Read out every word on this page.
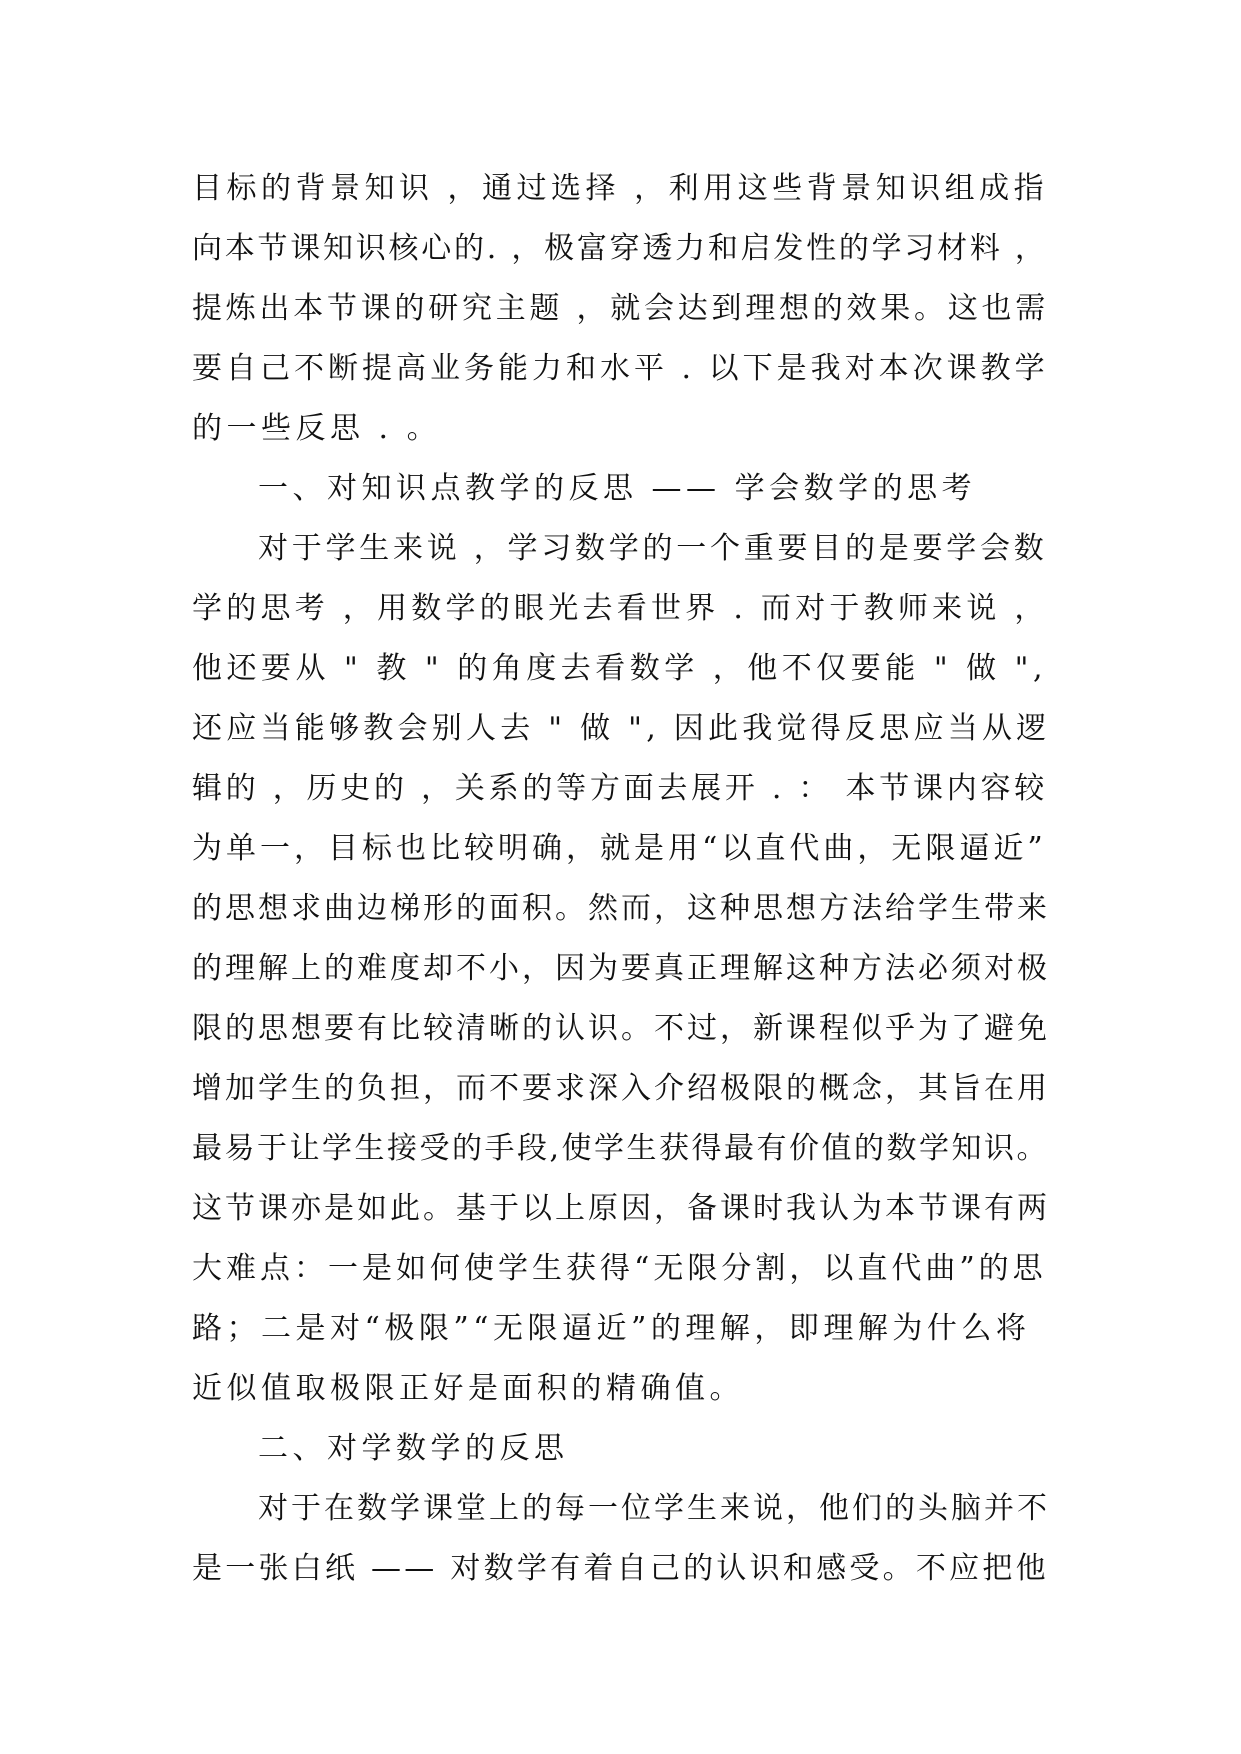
目标的背景知识 ，通过选择 ，利用这些背景知识组成指
向本节课知识核心的. ，极富穿透力和启发性的学习材料 ，
提炼出本节课的研究主题 ，就会达到理想的效果。这也需
要自己不断提高业务能力和水平 . 以下是我对本次课教学
的一些反思 . 。
一、对知识点教学的反思 —— 学会数学的思考
对于学生来说 ，学习数学的一个重要目的是要学会数
学的思考 ，用数学的眼光去看世界 . 而对于教师来说 ，
他还要从 " 教 " 的角度去看数学 ，他不仅要能 " 做 ",
还应当能够教会别人去 " 做 ", 因此我觉得反思应当从逻
辑的 ，历史的 ，关系的等方面去展开 . ： 本节课内容较
为单一，目标也比较明确，就是用“以直代曲，无限逼近”
的思想求曲边梯形的面积。然而，这种思想方法给学生带来
的理解上的难度却不小，因为要真正理解这种方法必须对极
限的思想要有比较清晰的认识。不过，新课程似乎为了避免
增加学生的负担，而不要求深入介绍极限的概念，其旨在用
最易于让学生接受的手段,使学生获得最有价值的数学知识。
这节课亦是如此。基于以上原因，备课时我认为本节课有两
大难点：一是如何使学生获得“无限分割，以直代曲”的思
路；二是对“极限”“无限逼近”的理解，即理解为什么将
近似值取极限正好是面积的精确值。
二、对学数学的反思
对于在数学课堂上的每一位学生来说，他们的头脑并不
是一张白纸 —— 对数学有着自己的认识和感受。不应把他
